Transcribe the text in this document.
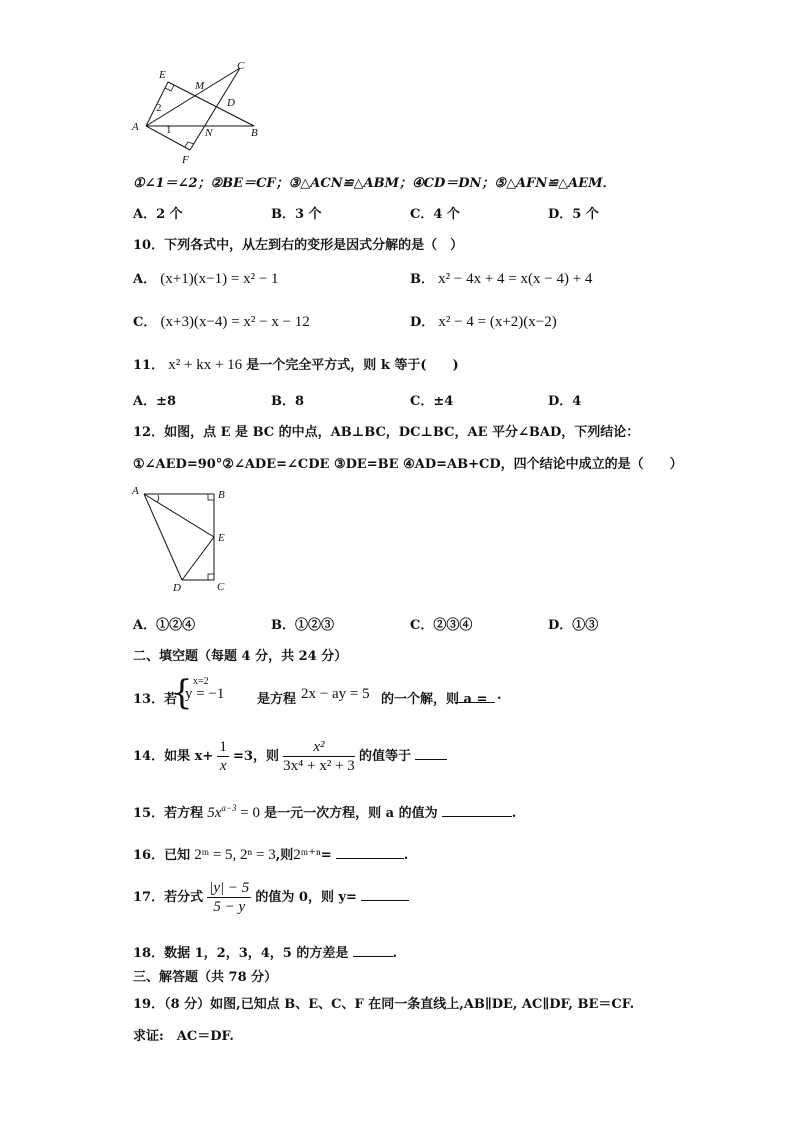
E
C
M
2	D
A 1	N	B
F
①∠1＝∠2；②BE＝CF；③△ACN≌△ABM；④CD＝DN；⑤△AFN≌△AEM．
A．2 个	B．3 个	C．4 个	D．5 个
10．下列各式中，从左到右的变形是因式分解的是（　）
A． (x+1)(x−1) = x² − 1	B． x² − 4x + 4 = x(x − 4) + 4
C． (x+3)(x−4) = x² − x − 12	D． x² − 4 = (x+2)(x−2)
11． x² + kx + 16 是一个完全平方式，则 k 等于(　　)
A．±8	B．8	C．±4	D．4
12．如图，点 E 是 BC 的中点，AB⊥BC，DC⊥BC，AE 平分∠BAD，下列结论：
①∠AED=90°②∠ADE=∠CDE ③DE=BE ④AD=AB+CD，四个结论中成立的是（　　）
A	B
E
D	C
A．①②④	B．①②③	C．②③④	D．①③
二、填空题（每题 4 分，共 24 分）
13．若
{ x=2
y = −1	是方程 2x − ay = 5 的一个解，则 a = .
14．如果 $x+ \frac{1}{x} =3$，则 $\frac{\text{x²}}{\text{3x⁴ + x² + 3}}$ 的值等于
15．若方程 $5x^{a-3} = 0$ 是一元一次方程，则 a 的值为	.
16．已知 2ᵐ = 5, 2ⁿ = 3,则2ᵐ⁺ⁿ=	.
17．若分式 $\frac{|y| - 5}{5 - y}$ 的值为 0，则 y=
18．数据 1，2，3，4，5 的方差是	.
三、解答题（共 78 分）
19．（8 分）如图,已知点 B、E、C、F 在同一条直线上,AB∥DE, AC∥DF, BE＝CF.
求证:　AC＝DF.
